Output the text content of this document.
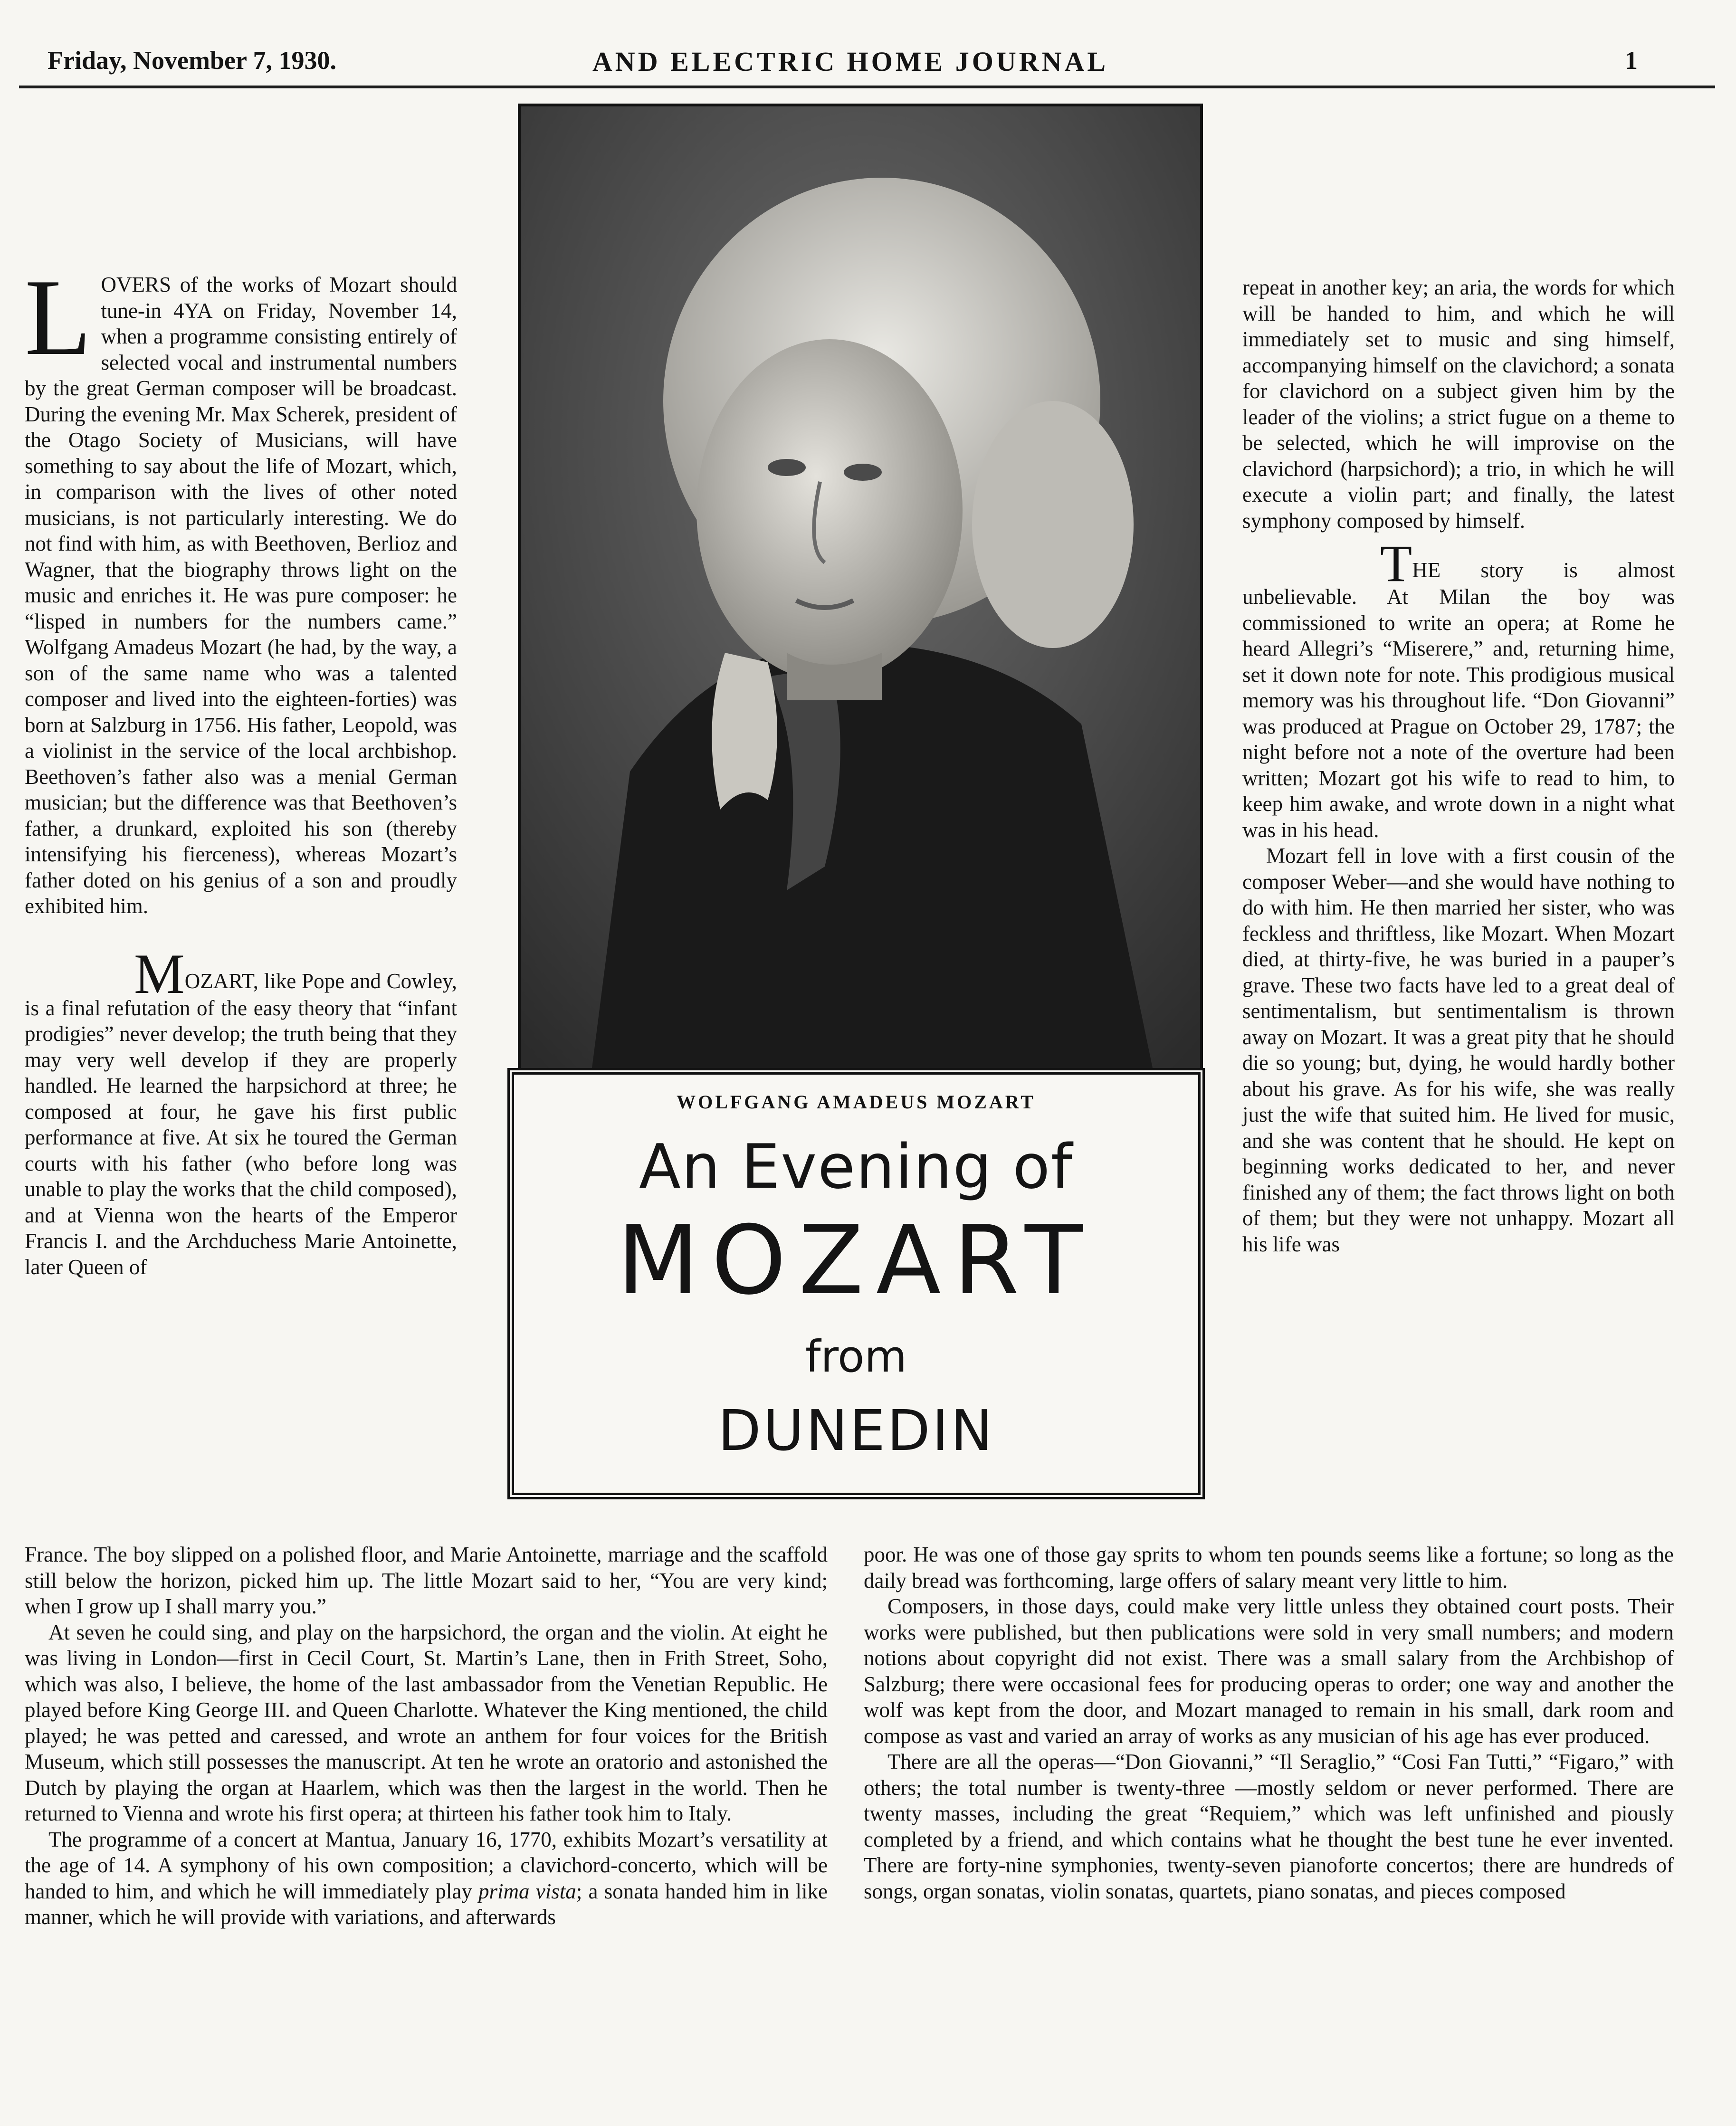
Friday, November 7, 1930.	AND ELECTRIC HOME JOURNAL	1

LOVERS of the works of Mozart should tune-in 4YA on Friday, November 14, when a programme consisting entirely of selected vocal and instrumental numbers by the great German composer will be broadcast. During the evening Mr. Max Scherek, president of the Otago Society of Musicians, will have something to say about the life of Mozart, which, in comparison with the lives of other noted musicians, is not particularly interesting. We do not find with him, as with Beethoven, Berlioz and Wagner, that the biography throws light on the music and enriches it. He was pure composer: he “lisped in numbers for the numbers came.” Wolfgang Amadeus Mozart (he had, by the way, a son of the same name who was a talented composer and lived into the eighteen-forties) was born at Salzburg in 1756. His father, Leopold, was a violinist in the service of the local archbishop. Beethoven’s father also was a menial German musician; but the difference was that Beethoven’s father, a drunkard, exploited his son (thereby intensifying his fierceness), whereas Mozart’s father doted on his genius of a son and proudly exhibited him.

MOZART, like Pope and Cowley, is a final refutation of the easy theory that “infant prodigies” never develop; the truth being that they may very well develop if they are properly handled. He learned the harpsichord at three; he composed at four, he gave his first public performance at five. At six he toured the German courts with his father (who before long was unable to play the works that the child composed), and at Vienna won the hearts of the Emperor Francis I. and the Archduchess Marie Antoinette, later Queen of

WOLFGANG AMADEUS MOZART
An Evening of
MOZART
from
DUNEDIN

repeat in another key; an aria, the words for which will be handed to him, and which he will immediately set to music and sing himself, accompanying himself on the clavichord; a sonata for clavichord on a subject given him by the leader of the violins; a strict fugue on a theme to be selected, which he will improvise on the clavichord (harpsichord); a trio, in which he will execute a violin part; and finally, the latest symphony composed by himself.

THE story is almost unbelievable. At Milan the boy was commissioned to write an opera; at Rome he heard Allegri’s “Miserere,” and, returning hime, set it down note for note. This prodigious musical memory was his throughout life. “Don Giovanni” was produced at Prague on October 29, 1787; the night before not a note of the overture had been written; Mozart got his wife to read to him, to keep him awake, and wrote down in a night what was in his head.

Mozart fell in love with a first cousin of the composer Weber—and she would have nothing to do with him. He then married her sister, who was feckless and thriftless, like Mozart. When Mozart died, at thirty-five, he was buried in a pauper’s grave. These two facts have led to a great deal of sentimentalism, but sentimentalism is thrown away on Mozart. It was a great pity that he should die so young; but, dying, he would hardly bother about his grave. As for his wife, she was really just the wife that suited him. He lived for music, and she was content that he should. He kept on beginning works dedicated to her, and never finished any of them; the fact throws light on both of them; but they were not unhappy. Mozart all his life was

France. The boy slipped on a polished floor, and Marie Antoinette, marriage and the scaffold still below the horizon, picked him up. The little Mozart said to her, “You are very kind; when I grow up I shall marry you.”

At seven he could sing, and play on the harpsichord, the organ and the violin. At eight he was living in London—first in Cecil Court, St. Martin’s Lane, then in Frith Street, Soho, which was also, I believe, the home of the last ambassador from the Venetian Republic. He played before King George III. and Queen Charlotte. Whatever the King mentioned, the child played; he was petted and caressed, and wrote an anthem for four voices for the British Museum, which still possesses the manuscript. At ten he wrote an oratorio and astonished the Dutch by playing the organ at Haarlem, which was then the largest in the world. Then he returned to Vienna and wrote his first opera; at thirteen his father took him to Italy.

The programme of a concert at Mantua, January 16, 1770, exhibits Mozart’s versatility at the age of 14. A symphony of his own composition; a clavichord-concerto, which will be handed to him, and which he will immediately play prima vista; a sonata handed him in like manner, which he will provide with variations, and afterwards

poor. He was one of those gay sprits to whom ten pounds seems like a fortune; so long as the daily bread was forthcoming, large offers of salary meant very little to him.

Composers, in those days, could make very little unless they obtained court posts. Their works were published, but then publications were sold in very small numbers; and modern notions about copyright did not exist. There was a small salary from the Archbishop of Salzburg; there were occasional fees for producing operas to order; one way and another the wolf was kept from the door, and Mozart managed to remain in his small, dark room and compose as vast and varied an array of works as any musician of his age has ever produced.

There are all the operas—“Don Giovanni,” “Il Seraglio,” “Cosi Fan Tutti,” “Figaro,” with others; the total number is twenty-three —mostly seldom or never performed. There are twenty masses, including the great “Requiem,” which was left unfinished and piously completed by a friend, and which contains what he thought the best tune he ever invented. There are forty-nine symphonies, twenty-seven pianoforte concertos; there are hundreds of songs, organ sonatas, violin sonatas, quartets, piano sonatas, and pieces composed
